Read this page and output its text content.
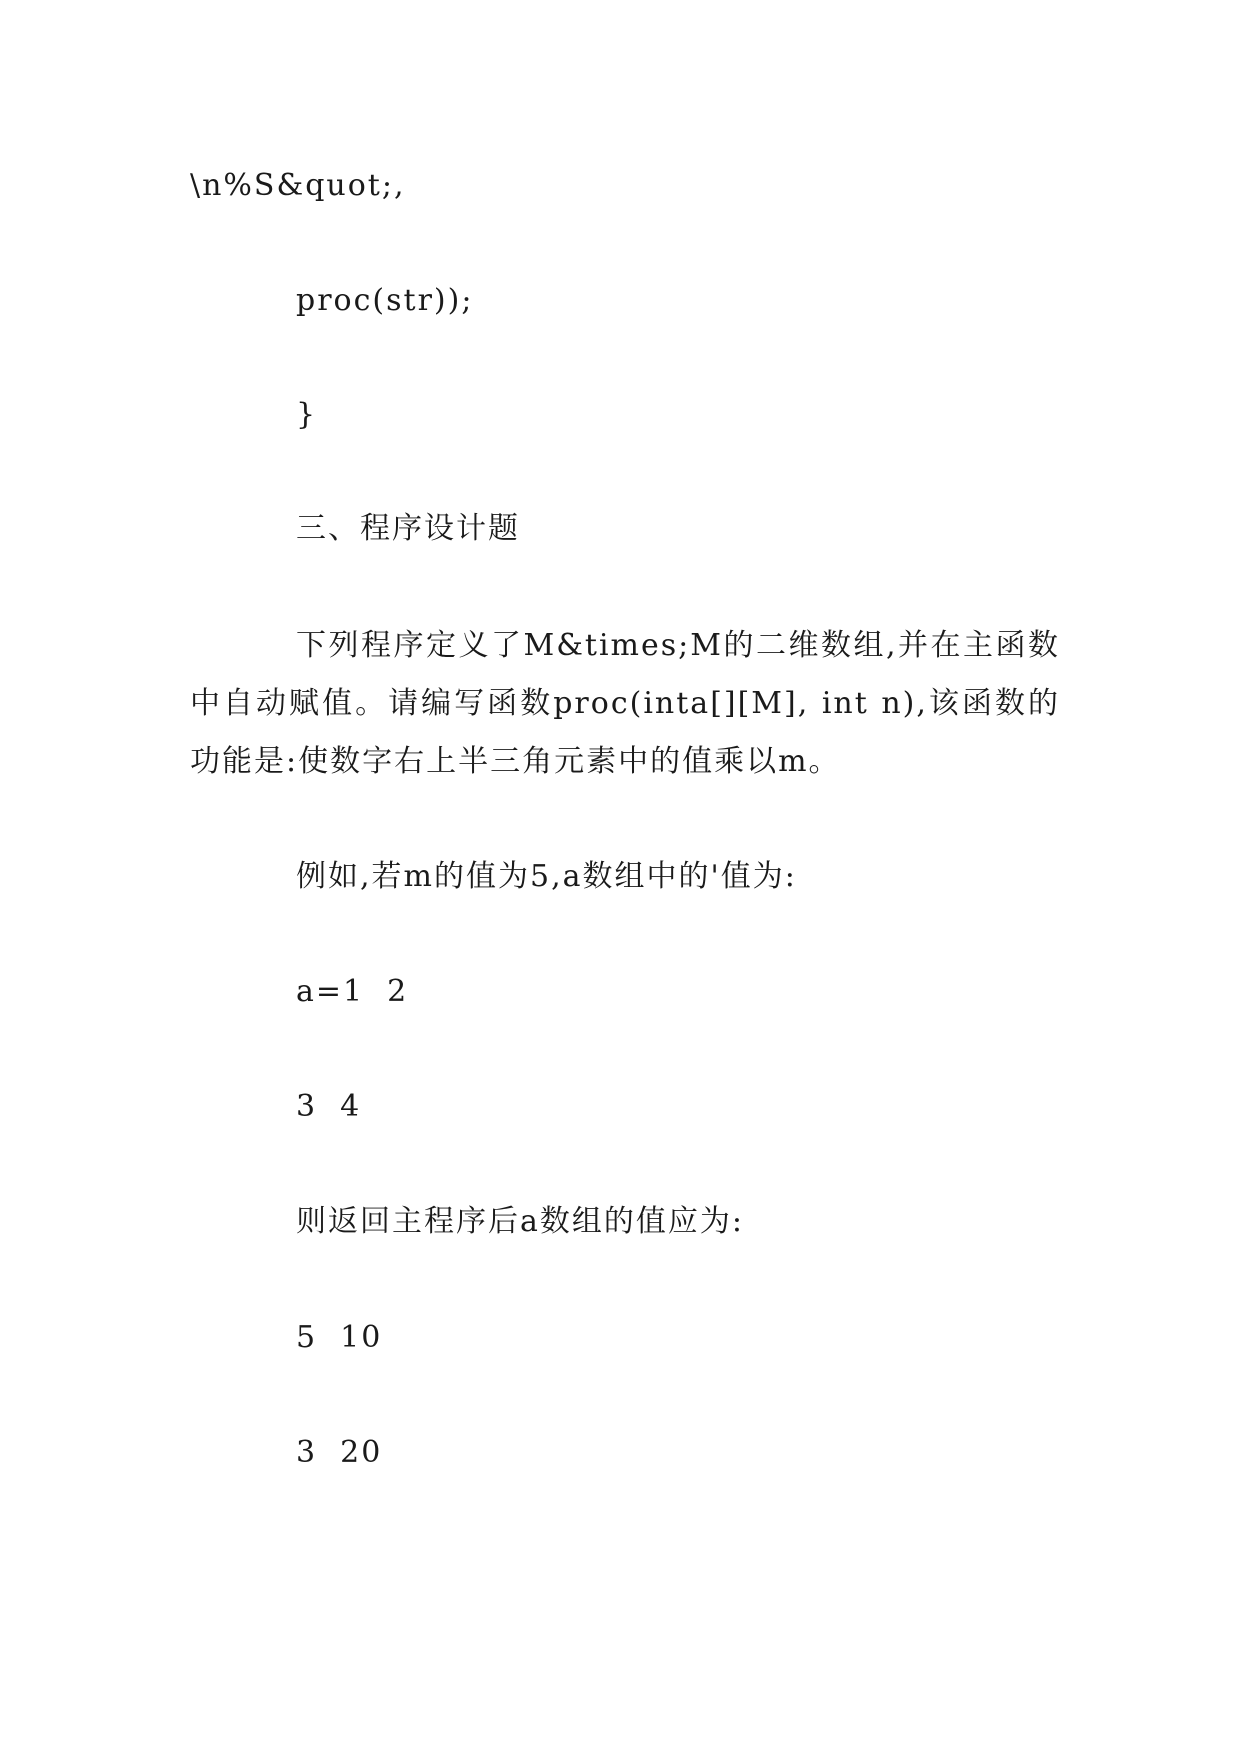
\n%S&quot;,

proc(str));

}

三、程序设计题

下列程序定义了M&times;M的二维数组,并在主函数中自动赋值。请编写函数proc(inta[][M], int n),该函数的功能是:使数字右上半三角元素中的值乘以m。

例如,若m的值为5,a数组中的'值为:

a=1  2

3  4

则返回主程序后a数组的值应为:

5  10

3  20
